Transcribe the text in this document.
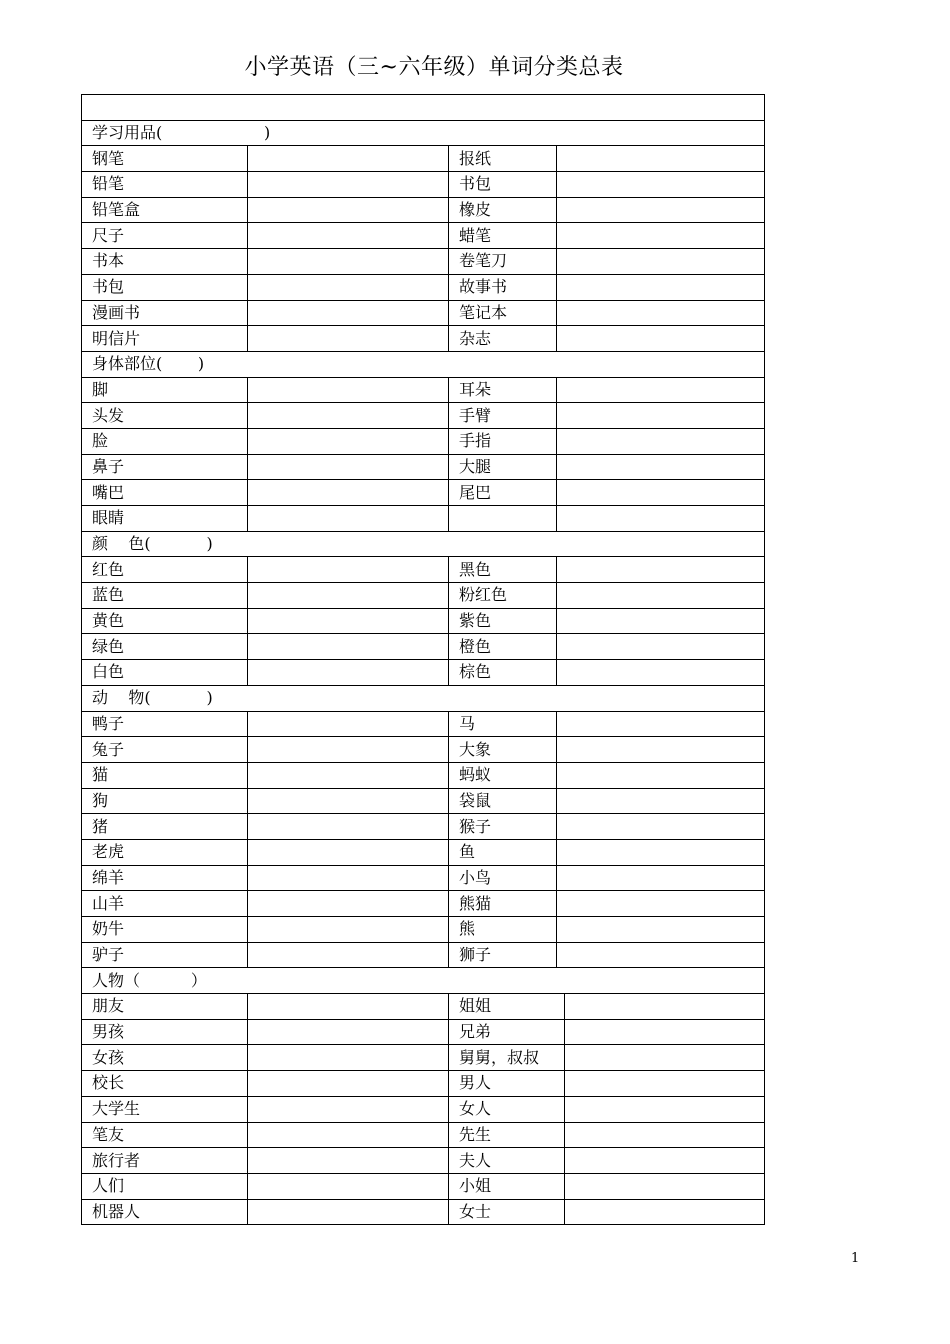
小学英语（三~六年级）单词分类总表

学习用品(                    )				
钢笔		报纸		
铅笔		书包		
铅笔盒		橡皮		
尺子		蜡笔		
书本		卷笔刀		
书包		故事书		
漫画书		笔记本		
明信片		杂志		
身体部位(       )				
脚		耳朵		
头发		手臂		
脸		手指		
鼻子		大腿		
嘴巴		尾巴		
眼睛				
颜    色(           )				
红色		黑色		
蓝色		粉红色		
黄色		紫色		
绿色		橙色		
白色		棕色		
动    物(           )				
鸭子		马		
兔子		大象		
猫		蚂蚁		
狗		袋鼠		
猪		猴子		
老虎		鱼		
绵羊		小鸟		
山羊		熊猫		
奶牛		熊		
驴子		狮子		
人物（          ）				
朋友		姐姐		
男孩		兄弟		
女孩		舅舅，叔叔		
校长		男人		
大学生		女人		
笔友		先生		
旅行者		夫人		
人们		小姐		
机器人		女士		
1
